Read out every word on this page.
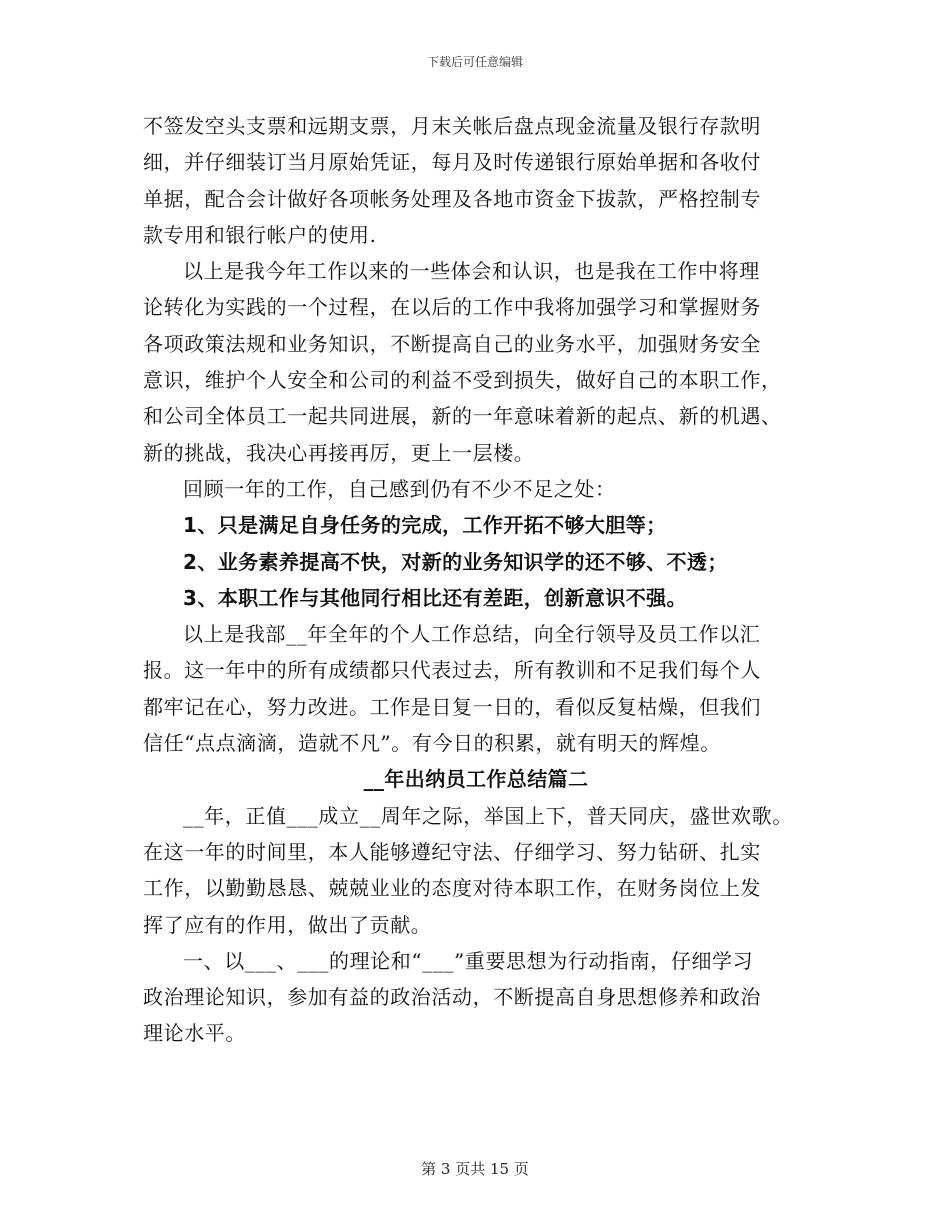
下载后可任意编辑
不签发空头支票和远期支票，月末关帐后盘点现金流量及银行存款明
细，并仔细装订当月原始凭证，每月及时传递银行原始单据和各收付
单据，配合会计做好各项帐务处理及各地市资金下拔款，严格控制专
款专用和银行帐户的使用.
以上是我今年工作以来的一些体会和认识，也是我在工作中将理
论转化为实践的一个过程，在以后的工作中我将加强学习和掌握财务
各项政策法规和业务知识，不断提高自己的业务水平，加强财务安全
意识，维护个人安全和公司的利益不受到损失，做好自己的本职工作，
和公司全体员工一起共同进展，新的一年意味着新的起点、新的机遇、
新的挑战，我决心再接再厉，更上一层楼。
回顾一年的工作，自己感到仍有不少不足之处：
1、只是满足自身任务的完成，工作开拓不够大胆等；
2、业务素养提高不快，对新的业务知识学的还不够、不透；
3、本职工作与其他同行相比还有差距，创新意识不强。
以上是我部__年全年的个人工作总结，向全行领导及员工作以汇
报。这一年中的所有成绩都只代表过去，所有教训和不足我们每个人
都牢记在心，努力改进。工作是日复一日的，看似反复枯燥，但我们
信任“点点滴滴，造就不凡”。有今日的积累，就有明天的辉煌。
__年出纳员工作总结篇二
__年，正值___成立__周年之际，举国上下，普天同庆，盛世欢歌。
在这一年的时间里，本人能够遵纪守法、仔细学习、努力钻研、扎实
工作，以勤勤恳恳、兢兢业业的态度对待本职工作，在财务岗位上发
挥了应有的作用，做出了贡献。
一、以___、___的理论和“___”重要思想为行动指南，仔细学习
政治理论知识，参加有益的政治活动，不断提高自身思想修养和政治
理论水平。
第 3 页共 15 页
